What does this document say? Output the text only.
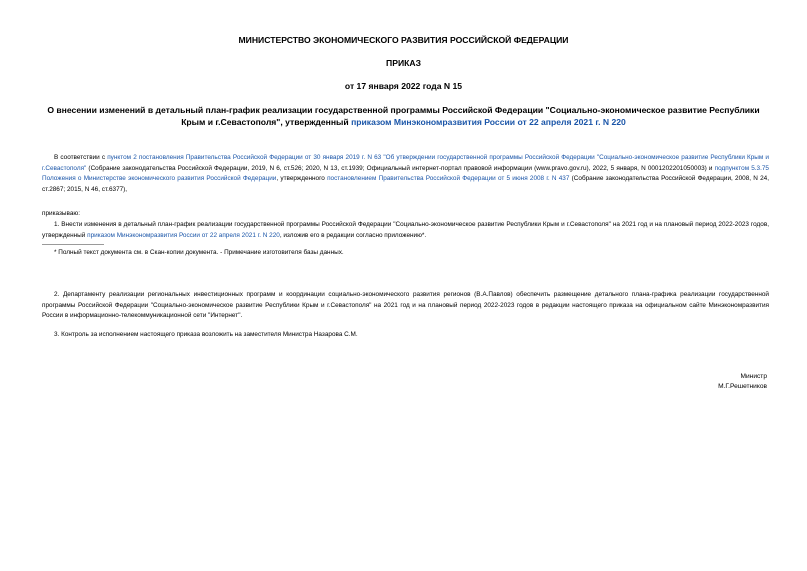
МИНИСТЕРСТВО ЭКОНОМИЧЕСКОГО РАЗВИТИЯ РОССИЙСКОЙ ФЕДЕРАЦИИ
ПРИКАЗ
от 17 января 2022 года N 15
О внесении изменений в детальный план-график реализации государственной программы Российской Федерации "Социально-экономическое развитие Республики Крым и г.Севастополя", утвержденный приказом Минэкономразвития России от 22 апреля 2021 г. N 220
В соответствии с пунктом 2 постановления Правительства Российской Федерации от 30 января 2019 г. N 63 "Об утверждении государственной программы Российской Федерации "Социально-экономическое развитие Республики Крым и г.Севастополя" (Собрание законодательства Российской Федерации, 2019, N 6, ст.526; 2020, N 13, ст.1939; Официальный интернет-портал правовой информации (www.pravo.gov.ru), 2022, 5 января, N 0001202201050003) и подпунктом 5.3.75 Положения о Министерстве экономического развития Российской Федерации, утвержденного постановлением Правительства Российской Федерации от 5 июня 2008 г. N 437 (Собрание законодательства Российской Федерации, 2008, N 24, ст.2867; 2015, N 46, ст.6377),
приказываю:
1. Внести изменения в детальный план-график реализации государственной программы Российской Федерации "Социально-экономическое развитие Республики Крым и г.Севастополя" на 2021 год и на плановый период 2022-2023 годов, утвержденный приказом Минэкономразвития России от 22 апреля 2021 г. N 220, изложив его в редакции согласно приложению*.
* Полный текст документа см. в Скан-копии документа. - Примечание изготовителя базы данных.
2. Департаменту реализации региональных инвестиционных программ и координации социально-экономического развития регионов (В.А.Павлов) обеспечить размещение детального плана-графика реализации государственной программы Российской Федерации "Социально-экономическое развитие Республики Крым и г.Севастополя" на 2021 год и на плановый период 2022-2023 годов в редакции настоящего приказа на официальном сайте Минэкономразвития России в информационно-телекоммуникационной сети "Интернет".
3. Контроль за исполнением настоящего приказа возложить на заместителя Министра Назарова С.М.
Министр
М.Г.Решетников
